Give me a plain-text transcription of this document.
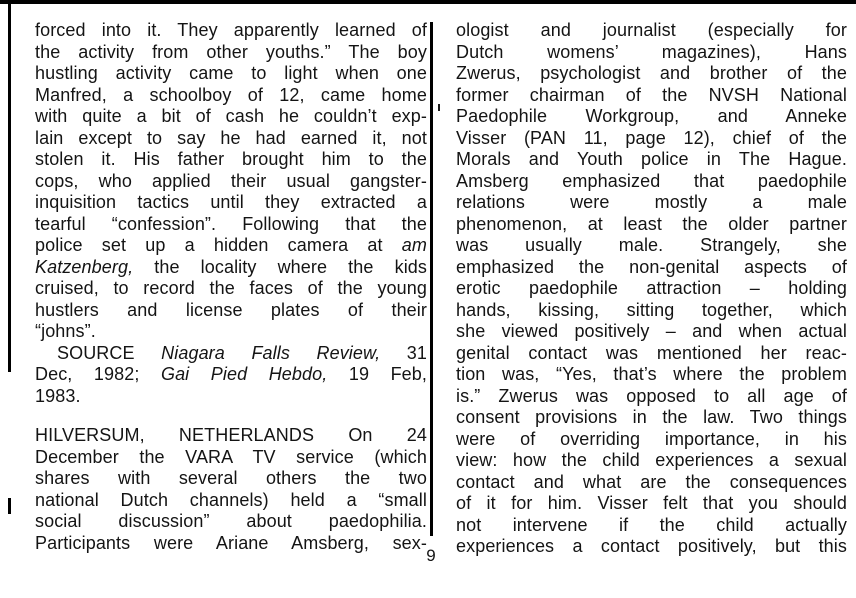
forced into it. They apparently learned of
the activity from other youths.” The boy
hustling activity came to light when one
Manfred, a schoolboy of 12, came home
with quite a bit of cash he couldn’t exp-
lain except to say he had earned it, not
stolen it. His father brought him to the
cops, who applied their usual gangster-
inquisition tactics until they extracted a
tearful “confession”. Following that the
police set up a hidden camera at am
Katzenberg, the locality where the kids
cruised, to record the faces of the young
hustlers and license plates of their
“johns”.
SOURCE Niagara Falls Review, 31
Dec, 1982; Gai Pied Hebdo, 19 Feb,
1983.
HILVERSUM, NETHERLANDS On 24
December the VARA TV service (which
shares with several others the two
national Dutch channels) held a “small
social discussion” about paedophilia.
Participants were Ariane Amsberg, sex-
ologist and journalist (especially for
Dutch womens’ magazines), Hans
Zwerus, psychologist and brother of the
former chairman of the NVSH National
Paedophile Workgroup, and Anneke
Visser (PAN 11, page 12), chief of the
Morals and Youth police in The Hague.
Amsberg emphasized that paedophile
relations were mostly a male
phenomenon, at least the older partner
was usually male. Strangely, she
emphasized the non-genital aspects of
erotic paedophile attraction – holding
hands, kissing, sitting together, which
she viewed positively – and when actual
genital contact was mentioned her reac-
tion was, “Yes, that’s where the problem
is.” Zwerus was opposed to all age of
consent provisions in the law. Two things
were of overriding importance, in his
view: how the child experiences a sexual
contact and what are the consequences
of it for him. Visser felt that you should
not intervene if the child actually
experiences a contact positively, but this
9
